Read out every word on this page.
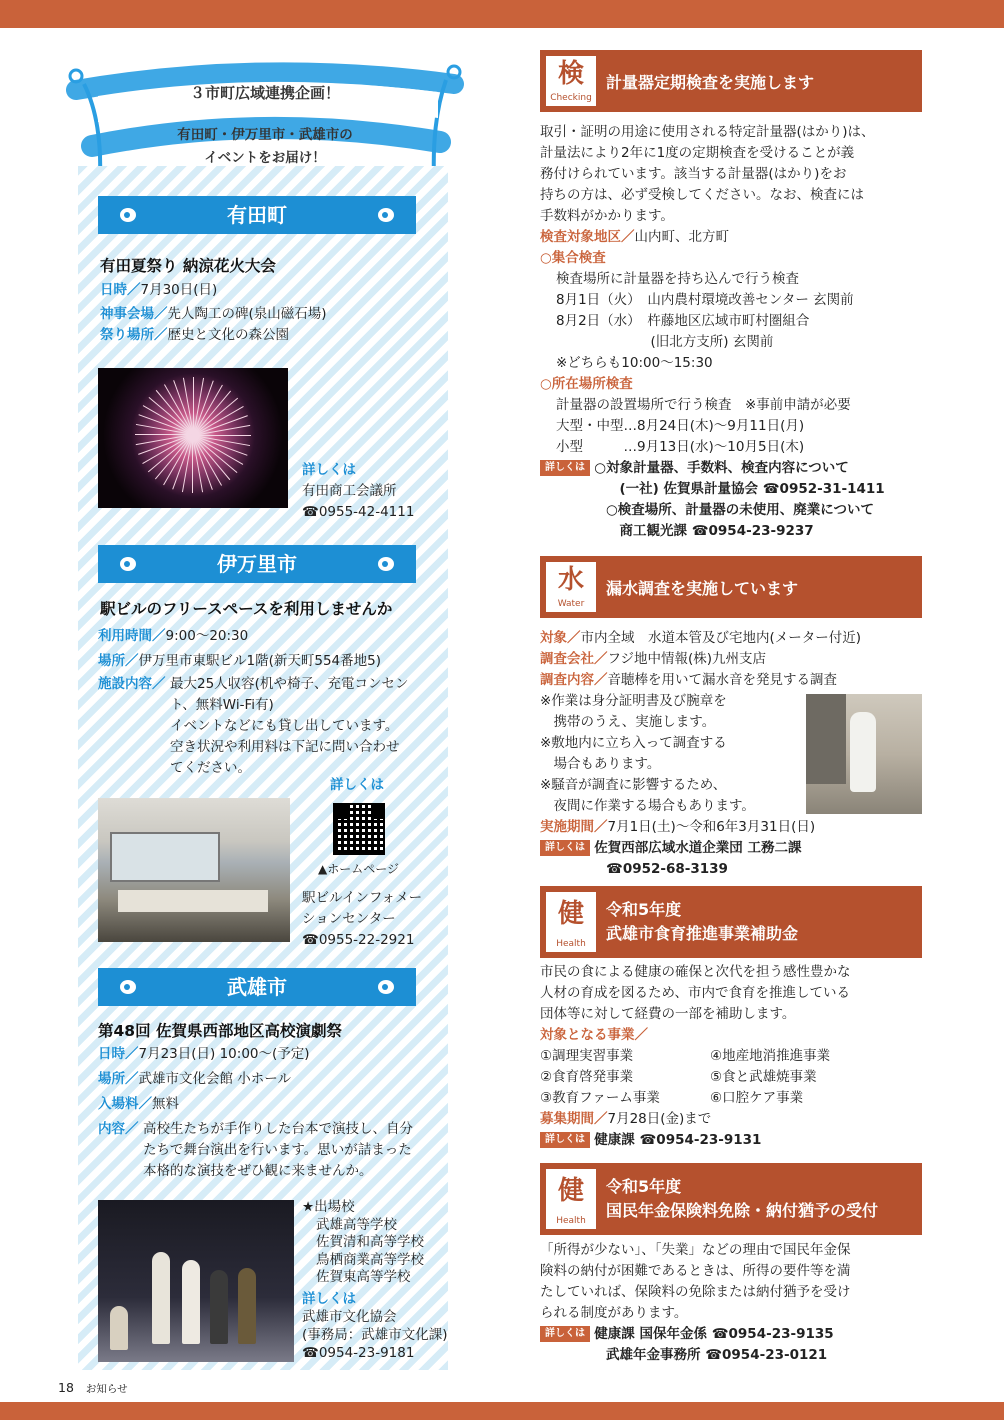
３市町広域連携企画！
有田町・伊万里市・武雄市の
イベントをお届け！
有田町
有田夏祭り 納涼花火大会
日時／7月30日(日)
神事会場／先人陶工の碑(泉山磁石場)
祭り場所／歴史と文化の森公園
詳しくは
有田商工会議所
☎0955-42-4111
伊万里市
駅ビルのフリースペースを利用しませんか
利用時間／9:00～20:30
場所／伊万里市東駅ビル1階(新天町554番地5)
施設内容／ 最大25人収容(机や椅子、充電コンセン
ト、無料Wi-Fi有)
イベントなどにも貸し出しています。
空き状況や利用料は下記に問い合わせ
てください。
詳しくは
▲ホームページ
駅ビルインフォメー
ションセンター
☎0955-22-2921
武雄市
第48回 佐賀県西部地区高校演劇祭
日時／7月23日(日) 10:00～(予定)
場所／武雄市文化会館 小ホール
入場料／無料
内容／ 高校生たちが手作りした台本で演技し、自分
たちで舞台演出を行います。思いが詰まった
本格的な演技をぜひ観に来ませんか。
★出場校
武雄高等学校
佐賀清和高等学校
鳥栖商業高等学校
佐賀東高等学校
詳しくは
武雄市文化協会
(事務局：武雄市文化課)
☎0954-23-9181
検
Checking
計量器定期検査を実施します
取引・証明の用途に使用される特定計量器(はかり)は、
計量法により2年に1度の定期検査を受けることが義
務付けられています。該当する計量器(はかり)をお
持ちの方は、必ず受検してください。なお、検査には
手数料がかかります。
検査対象地区／山内町、北方町
○集合検査
検査場所に計量器を持ち込んで行う検査
8月1日（火）　山内農村環境改善センター 玄関前
8月2日（水）　杵藤地区広域市町村圏組合
　　　　　　　(旧北方支所) 玄関前
※どちらも10:00～15:30
○所在場所検査
計量器の設置場所で行う検査　※事前申請が必要
大型・中型…8月24日(木)～9月11日(月)
小型　　　…9月13日(水)～10月5日(木)
詳しくは ○対象計量器、手数料、検査内容について
　(一社) 佐賀県計量協会 ☎0952-31-1411
○検査場所、計量器の未使用、廃業について
　商工観光課 ☎0954-23-9237
水
Water
漏水調査を実施しています
対象／市内全域　水道本管及び宅地内(メーター付近)
調査会社／フジ地中情報(株)九州支店
調査内容／音聴棒を用いて漏水音を発見する調査
※作業は身分証明書及び腕章を
　携帯のうえ、実施します。
※敷地内に立ち入って調査する
　場合もあります。
※騒音が調査に影響するため、
　夜間に作業する場合もあります。
実施期間／7月1日(土)～令和6年3月31日(日)
詳しくは 佐賀西部広域水道企業団 工務二課
☎0952-68-3139
健
Health
令和5年度
武雄市食育推進事業補助金
市民の食による健康の確保と次代を担う感性豊かな
人材の育成を図るため、市内で食育を推進している
団体等に対して経費の一部を補助します。
対象となる事業／
①調理実習事業
②食育啓発事業
③教育ファーム事業
④地産地消推進事業
⑤食と武雄焼事業
⑥口腔ケア事業
募集期間／7月28日(金)まで
詳しくは 健康課 ☎0954-23-9131
健
Health
令和5年度
国民年金保険料免除・納付猶予の受付
「所得が少ない」、「失業」などの理由で国民年金保
険料の納付が困難であるときは、所得の要件等を満
たしていれば、保険料の免除または納付猶予を受け
られる制度があります。
詳しくは 健康課 国保年金係 ☎0954-23-9135
武雄年金事務所 ☎0954-23-0121
18 お知らせ
